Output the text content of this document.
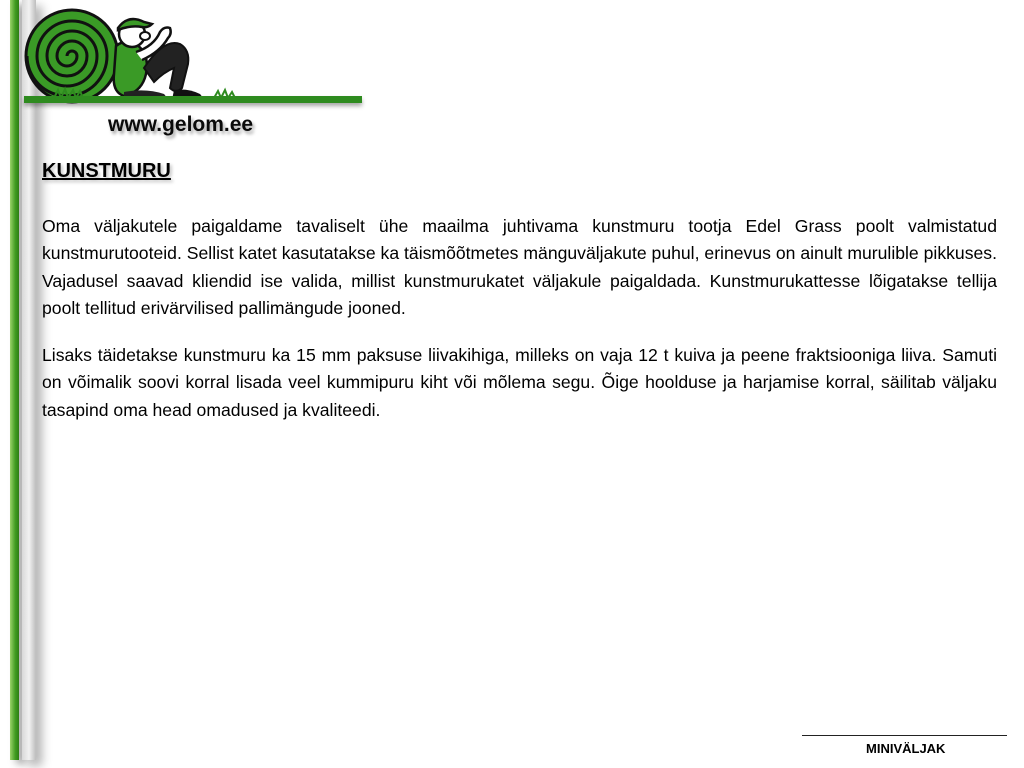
www.gelom.ee
KUNSTMURU

Oma väljakutele paigaldame tavaliselt ühe maailma juhtivama kunstmuru tootja Edel Grass poolt valmistatud kunstmurutooteid. Sellist katet kasutatakse ka täismõõtmetes mänguväljakute puhul, erinevus on ainult murulible pikkuses. Vajadusel saavad kliendid ise valida, millist kunstmurukatet väljakule paigaldada. Kunstmurukattesse lõigatakse tellija poolt tellitud erivärvilised pallimängude jooned.

Lisaks täidetakse kunstmuru ka 15 mm paksuse liivakihiga, milleks on vaja 12 t kuiva ja peene fraktsiooniga liiva. Samuti on võimalik soovi korral lisada veel kummipuru kiht või mõlema segu. Õige hoolduse ja harjamise korral, säilitab väljaku tasapind oma head omadused ja kvaliteedi.

MINIVÄLJAK
